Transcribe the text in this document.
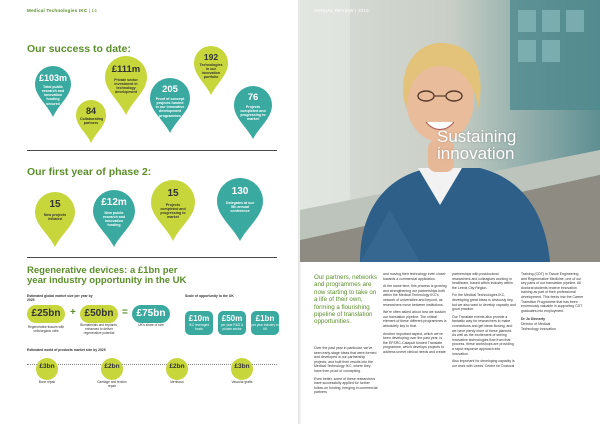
Medical Technologies IKC | 14
Our success to date:
£103m
Total public research and innovation funding secured
84
Collaborating partners
£111m
Private sector investment in technology development	205
Proof of concept projects funded in our innovative development programmes
192
Technologies in our innovation portfolio
76
Projects completed and progressing to market
Our first year of phase 2:
15
New projects initiated
£12m
New public research and innovation funding
15
Projects completed and progressing to market
130
Delegates at our 5th annual conference
Regenerative devices: a £1bn per
year industry opportunity in the UK
Estimated global market size per year by 2025
£25bn + £50bn = £75bn
Regenerative tissues with cells/organic cells
Biomaterials and implants, enhanced to deliver regenerative potential
UK's share of size
Scale of opportunity to the UK
£10m
IKC leveraged funds
£50m
per year R&D & private sector
£1bn
per year industry to UK
Estimated world of products market size by 2025
£3bn
Bone repair
£2bn
Cartilage and tendon repair
£2bn
Meniscus
£3bn
Vascular grafts
ANNUAL REVIEW | 2016
Sustaining
innovation
Our partners, networks and programmes are now starting to take on a life of their own, forming a flourishing pipeline of translation opportunities.

Over the past year in particular, we've seen early-stage ideas that were formed and developed in our partnership projects, and built their results into the Medical Technology IKC, where they have then proof of concepting.

Even better, some of these researchers have successfully applied for further follow-on funding, bringing in commercial partners

and moving their technology even closer towards a commercial application.

At the same time, this process is growing and strengthening our partnerships both within the Medical Technology IKC's network of universities and beyond, as researchers move between institutions.

We're often asked about how we sustain our translation pipeline. The critical element of these different programmes is absolutely key to that.

Another important aspect, which we've been developing over the past year, is the EPSRC-Catapult funded Translate programme, which develops projects to address unmet clinical needs and create

partnerships with postdoctoral researchers and colleagues working in healthcare, based within industry within the Leeds City Region.

For the Medical Technologies IKC, developing great ideas is obviously key, but we also want to develop capacity and good practice.

Our Translate events also provide a fantastic way for researchers to make connections and get ideas flowing, and we have plenty more of these planned. As well as the excitement of seeing innovative technologies flow from that process, these workshops are providing a rapid response approach into innovation.

Also important for developing capacity is our work with Leeds' Centre for Doctoral

Training (CDT) in Tissue Engineering and Regenerative Medicine, one of our key parts of our translation pipeline. All doctoral students receive innovation training as part of their professional development. This feeds into the Career Transition Programme that has been enormously valuable in supporting CDT graduates into employment.

Dr Jo Dinnerty
Director of Medical
Technology Innovation
